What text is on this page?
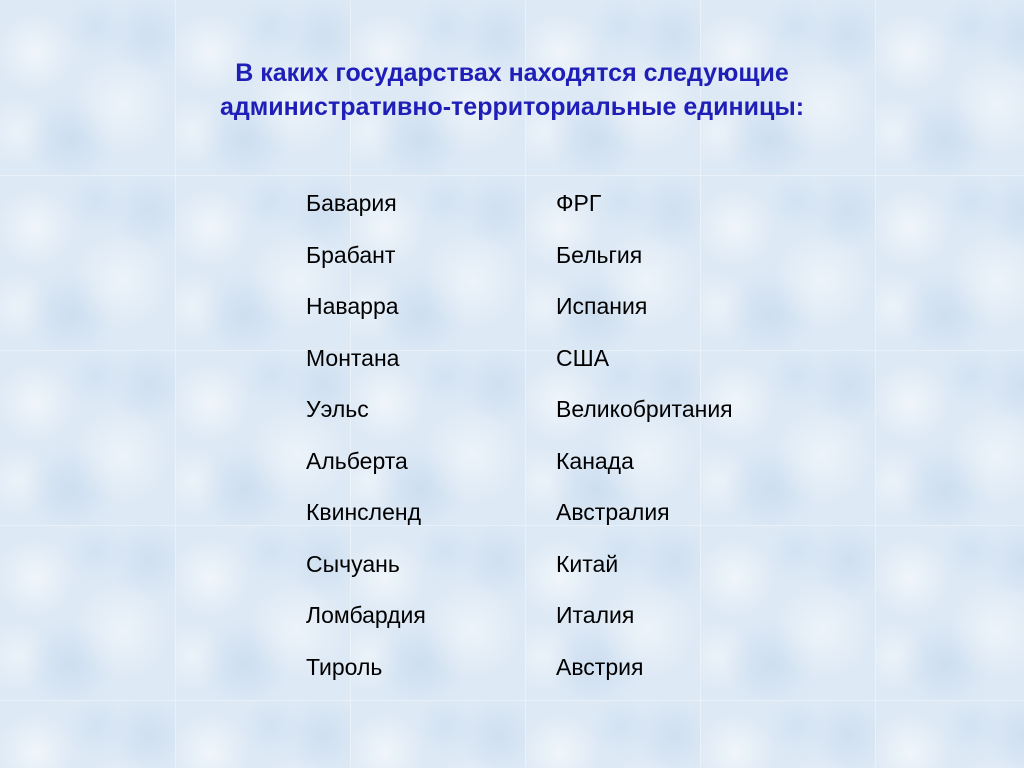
В каких государствах находятся следующие
административно-территориальные единицы:
Бавария	ФРГ
Брабант	Бельгия
Наварра	Испания
Монтана	США
Уэльс	Великобритания
Альберта	Канада
Квинсленд	Австралия
Сычуань	Китай
Ломбардия	Италия
Тироль	Австрия
